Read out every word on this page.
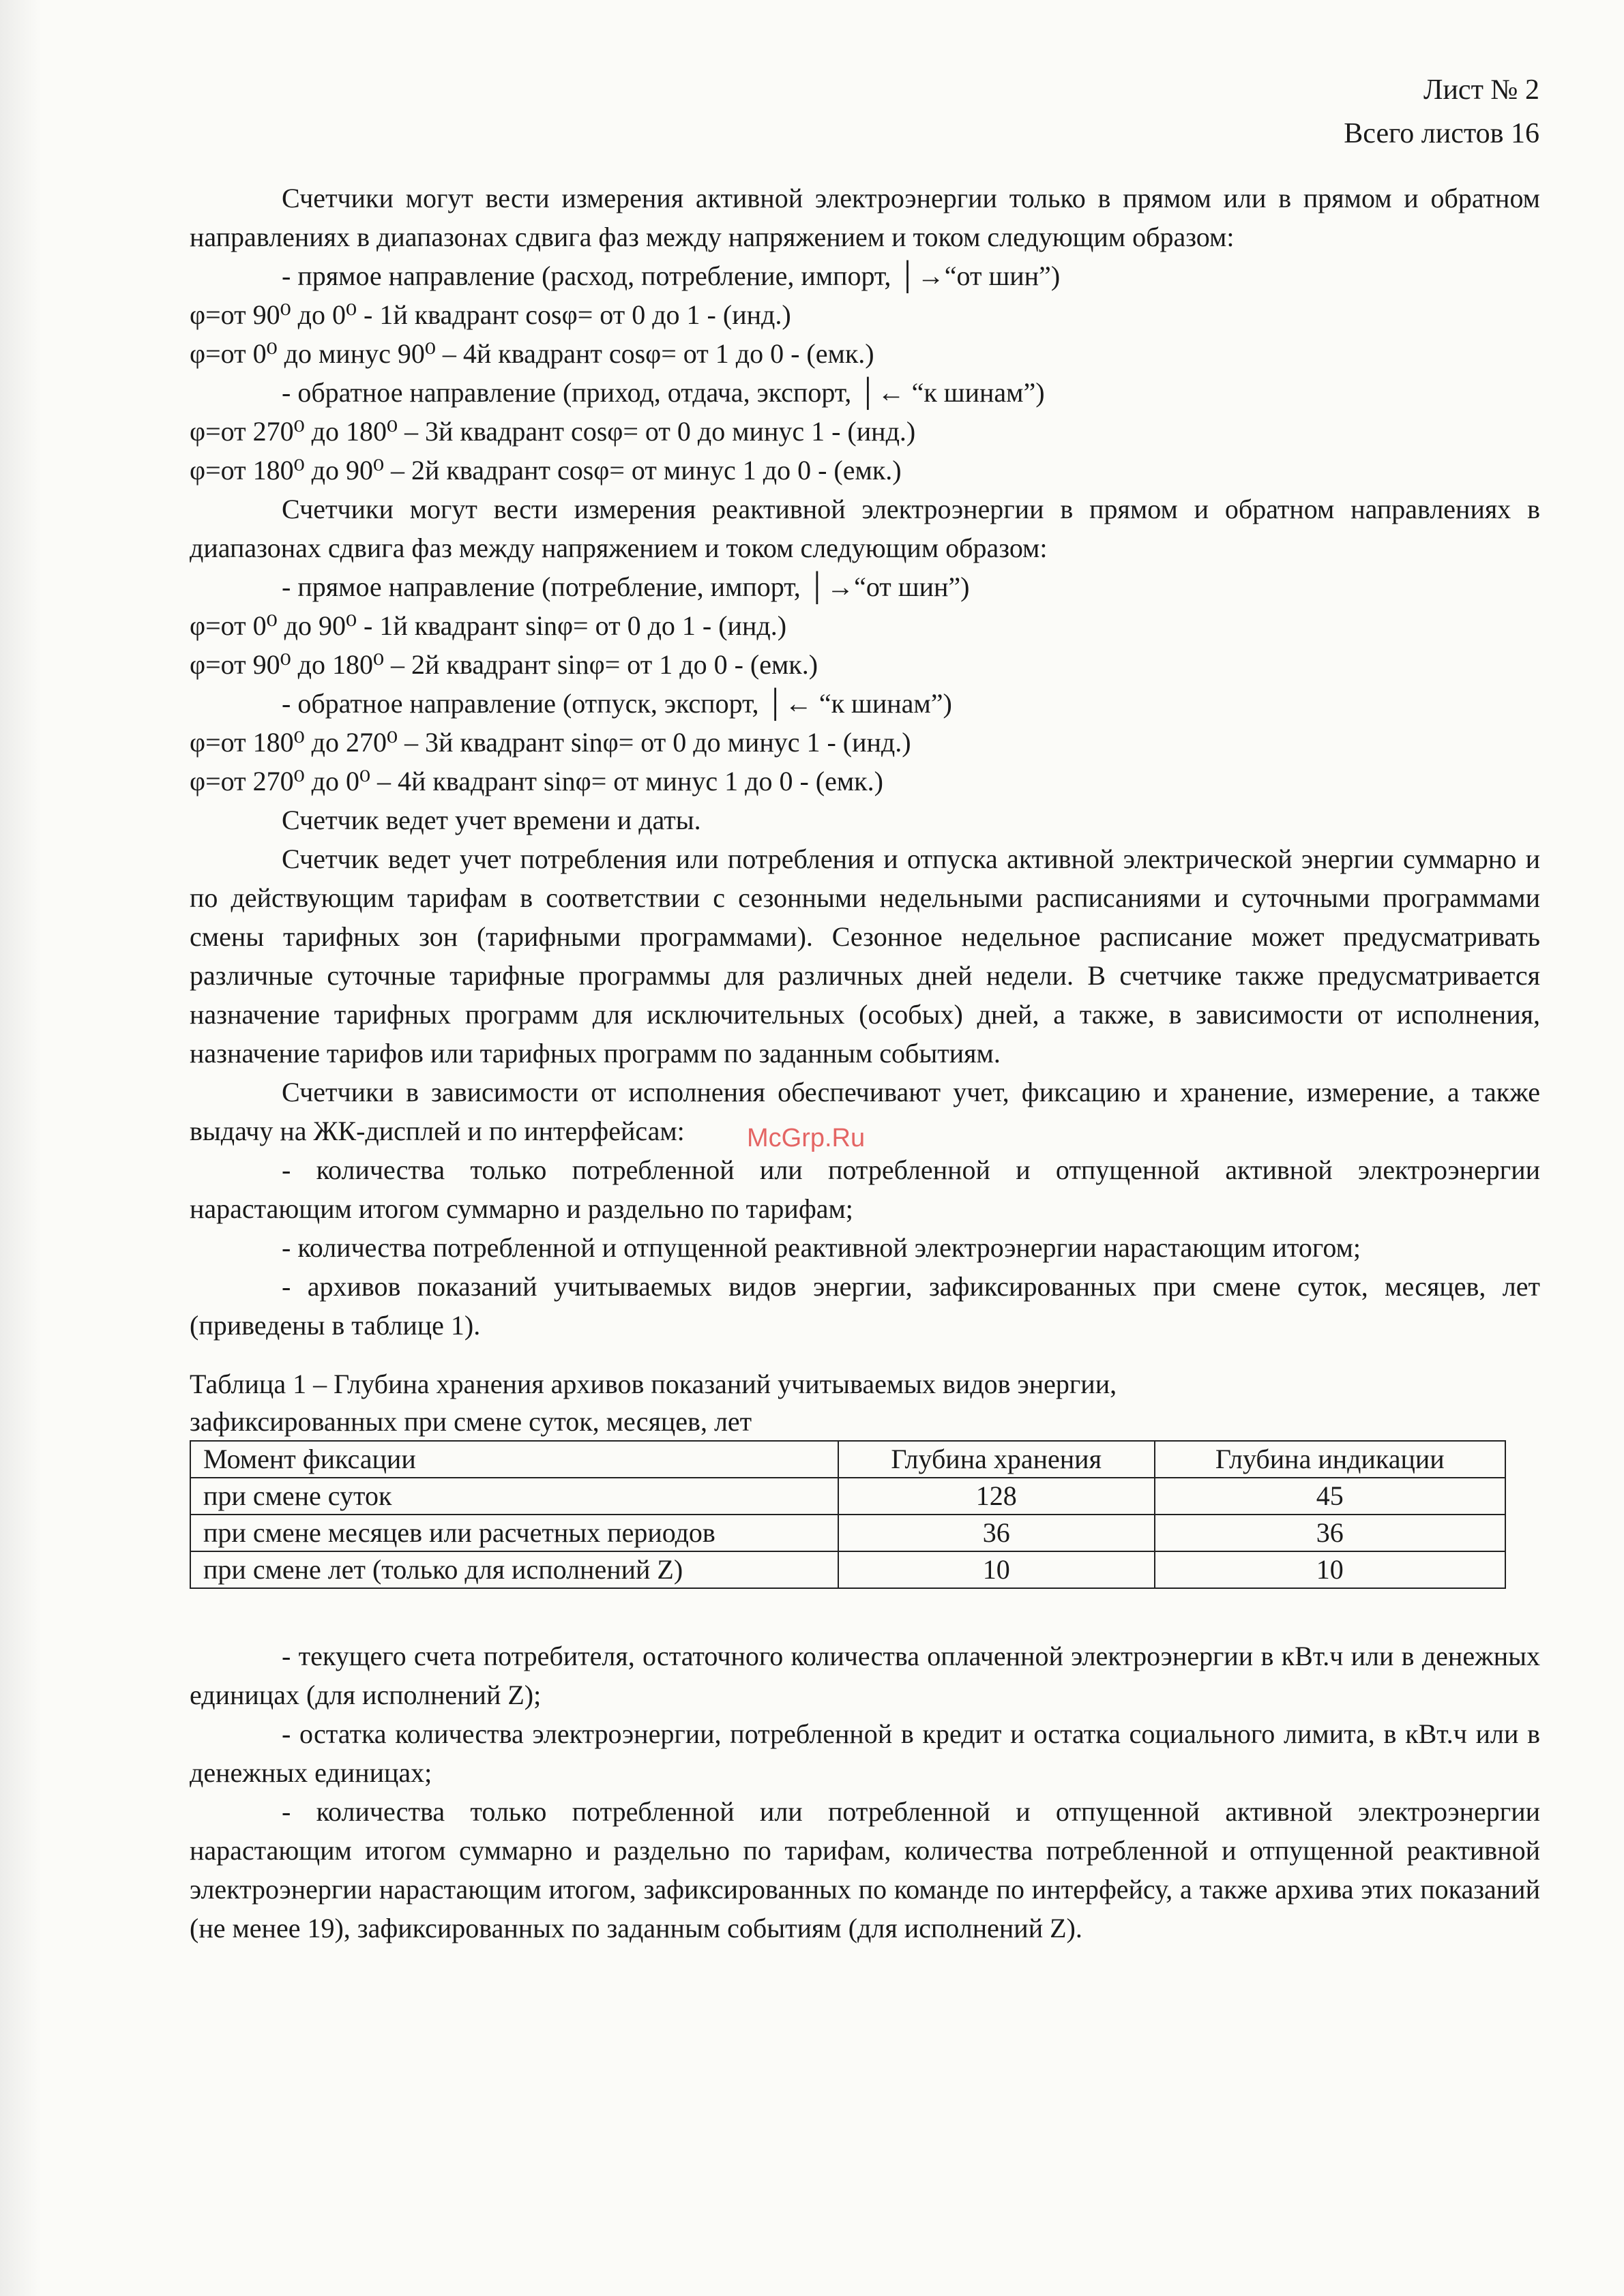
Лист № 2
Всего листов 16

Счетчики могут вести измерения активной электроэнергии только в прямом или в прямом и обратном направлениях в диапазонах сдвига фаз между напряжением и током следующим образом:

- прямое направление (расход, потребление, импорт, │→“от шин”)

φ=от 90⁰ до 0⁰ - 1й квадрант cosφ= от 0 до 1 - (инд.)

φ=от 0⁰ до минус 90⁰ – 4й квадрант cosφ= от 1 до 0 - (емк.)

- обратное направление (приход, отдача, экспорт, │← “к шинам”)

φ=от 270⁰ до 180⁰ – 3й квадрант cosφ= от 0 до минус 1 - (инд.)

φ=от 180⁰ до 90⁰ – 2й квадрант cosφ= от минус 1 до 0 - (емк.)

Счетчики могут вести измерения реактивной электроэнергии в прямом и обратном направлениях в диапазонах сдвига фаз между напряжением и током следующим образом:

- прямое направление (потребление, импорт, │→“от шин”)

φ=от 0⁰ до 90⁰ - 1й квадрант sinφ= от 0 до 1 - (инд.)

φ=от 90⁰ до 180⁰ – 2й квадрант sinφ= от 1 до 0 - (емк.)

- обратное направление (отпуск, экспорт, │← “к шинам”)

φ=от 180⁰ до 270⁰ – 3й квадрант sinφ= от 0 до минус 1 - (инд.)

φ=от 270⁰ до 0⁰ – 4й квадрант sinφ= от минус 1 до 0 - (емк.)

Счетчик ведет учет времени и даты.

Счетчик ведет учет потребления или потребления и отпуска активной электрической энергии суммарно и по действующим тарифам в соответствии с сезонными недельными расписаниями и суточными программами смены тарифных зон (тарифными программами). Сезонное недельное расписание может предусматривать различные суточные тарифные программы для различных дней недели. В счетчике также предусматривается назначение тарифных программ для исключительных (особых) дней, а также, в зависимости от исполнения, назначение тарифов или тарифных программ по заданным событиям.

Счетчики в зависимости от исполнения обеспечивают учет, фиксацию и хранение, измерение, а также выдачу на ЖК-дисплей и по интерфейсам:

- количества только потребленной или потребленной и отпущенной активной электроэнергии нарастающим итогом суммарно и раздельно по тарифам;

- количества потребленной и отпущенной реактивной электроэнергии нарастающим итогом;

- архивов показаний учитываемых видов энергии, зафиксированных при смене суток, месяцев, лет (приведены в таблице 1).

Таблица 1 – Глубина хранения архивов показаний учитываемых видов энергии,
зафиксированных при смене суток, месяцев, лет
Момент фиксации	Глубина хранения	Глубина индикации
при смене суток	128	45
при смене месяцев или расчетных периодов	36	36
при смене лет (только для исполнений Z)	10	10

- текущего счета потребителя, остаточного количества оплаченной электроэнергии в кВт.ч или в денежных единицах (для исполнений Z);

- остатка количества электроэнергии, потребленной в кредит и остатка социального лимита, в кВт.ч или в денежных единицах;

- количества только потребленной или потребленной и отпущенной активной электроэнергии нарастающим итогом суммарно и раздельно по тарифам, количества потребленной и отпущенной реактивной электроэнергии нарастающим итогом, зафиксированных по команде по интерфейсу, а также архива этих показаний (не менее 19), зафиксированных по заданным событиям (для исполнений Z).

McGrp.Ru
